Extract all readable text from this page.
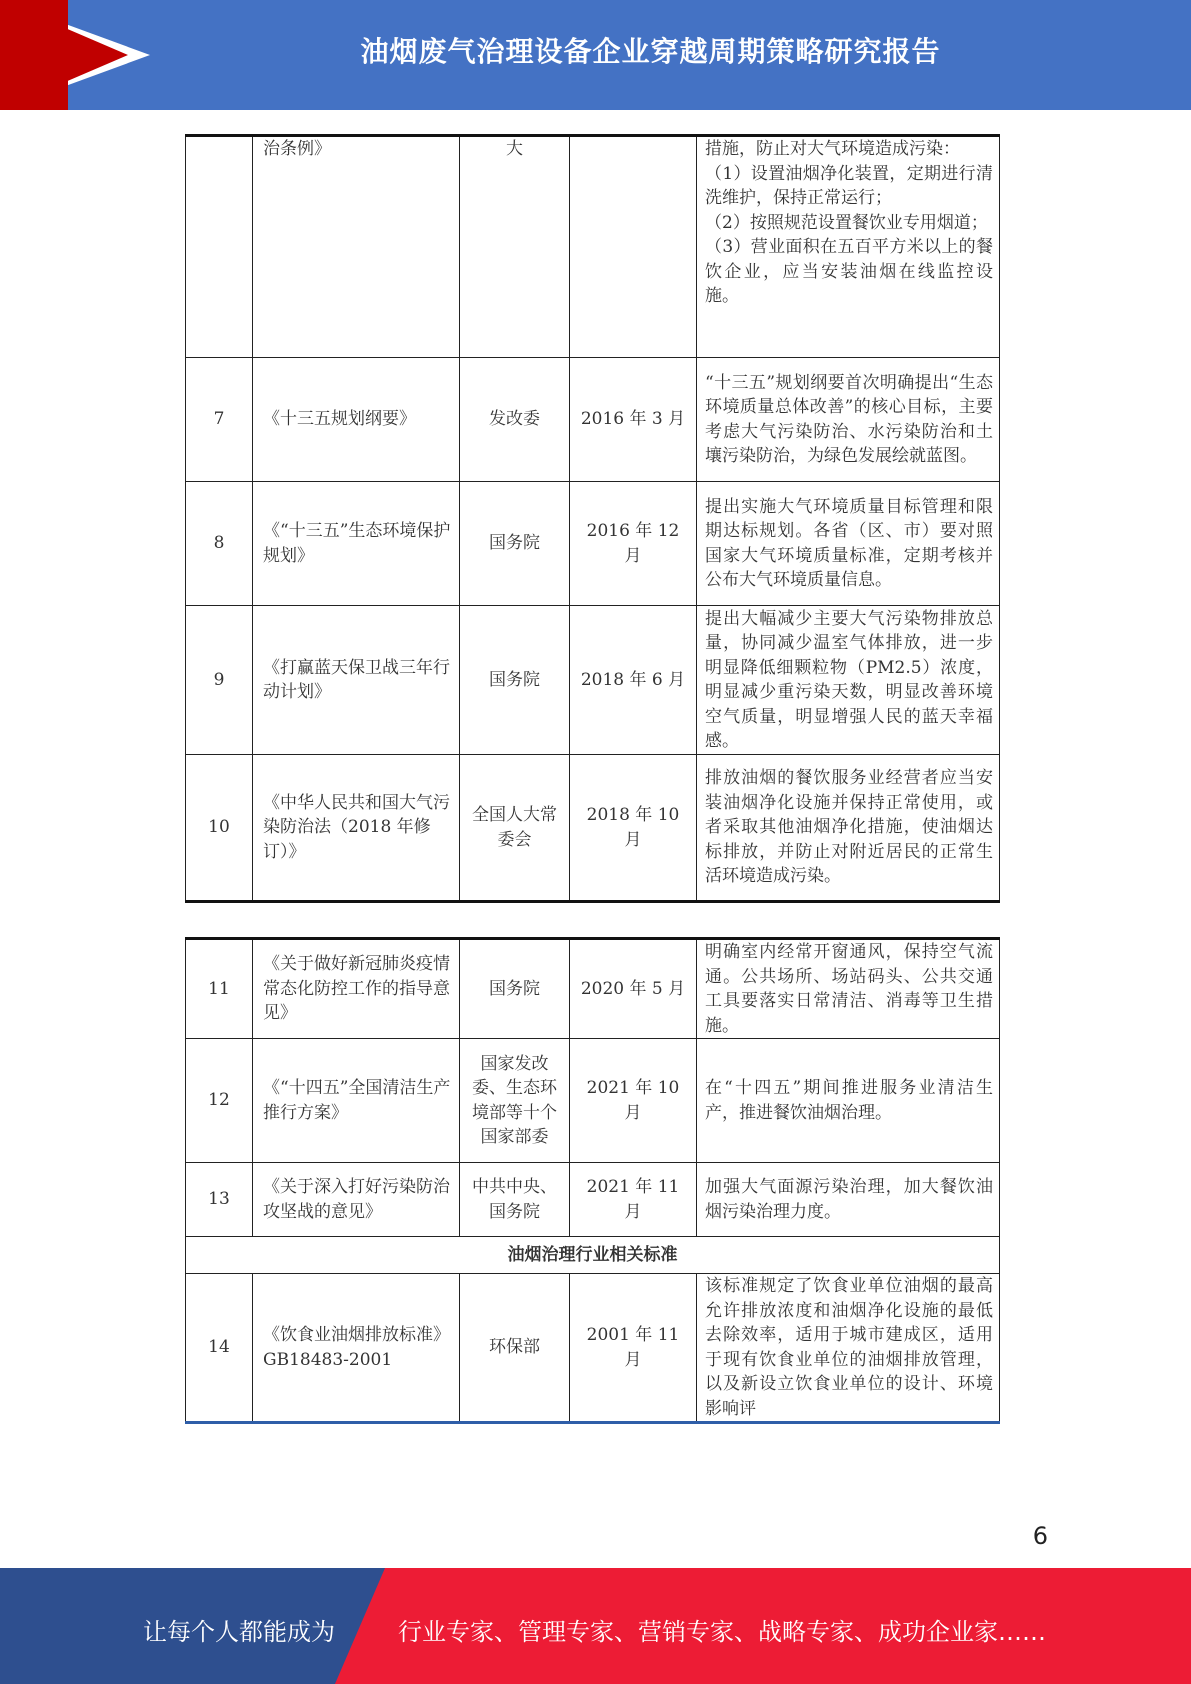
油烟废气治理设备企业穿越周期策略研究报告
	治条例》	大		措施，防止对大气环境造成污染：
（1）设置油烟净化装置，定期进行清洗维护，保持正常运行；
（2）按照规范设置餐饮业专用烟道；
（3）营业面积在五百平方米以上的餐饮企业，应当安装油烟在线监控设施。

7	《十三五规划纲要》	发改委	2016 年 3 月	“十三五”规划纲要首次明确提出“生态环境质量总体改善”的核心目标，主要考虑大气污染防治、水污染防治和土壤污染防治，为绿色发展绘就蓝图。
8	《“十三五”生态环境保护规划》	国务院	2016 年 12 月	提出实施大气环境质量目标管理和限期达标规划。各省（区、市）要对照国家大气环境质量标准，定期考核并公布大气环境质量信息。
9	《打赢蓝天保卫战三年行动计划》	国务院	2018 年 6 月	提出大幅减少主要大气污染物排放总量，协同减少温室气体排放，进一步明显降低细颗粒物（PM2.5）浓度，明显减少重污染天数，明显改善环境空气质量，明显增强人民的蓝天幸福感。
10	《中华人民共和国大气污染防治法（2018 年修订）》	全国人大常委会	2018 年 10 月	排放油烟的餐饮服务业经营者应当安装油烟净化设施并保持正常使用，或者采取其他油烟净化措施，使油烟达标排放，并防止对附近居民的正常生活环境造成污染。
11	《关于做好新冠肺炎疫情常态化防控工作的指导意见》	国务院	2020 年 5 月	明确室内经常开窗通风，保持空气流通。公共场所、场站码头、公共交通工具要落实日常清洁、消毒等卫生措施。
12	《“十四五”全国清洁生产推行方案》	国家发改委、生态环境部等十个国家部委	2021 年 10 月	在“十四五”期间推进服务业清洁生产，推进餐饮油烟治理。
13	《关于深入打好污染防治攻坚战的意见》	中共中央、国务院	2021 年 11 月	加强大气面源污染治理，加大餐饮油烟污染治理力度。
油烟治理行业相关标准				
14	《饮食业油烟排放标准》GB18483-2001	环保部	2001 年 11 月	该标准规定了饮食业单位油烟的最高允许排放浓度和油烟净化设施的最低去除效率，适用于城市建成区，适用于现有饮食业单位的油烟排放管理，以及新设立饮食业单位的设计、环境影响评
6
让每个人都能成为	行业专家、管理专家、营销专家、战略专家、成功企业家……
